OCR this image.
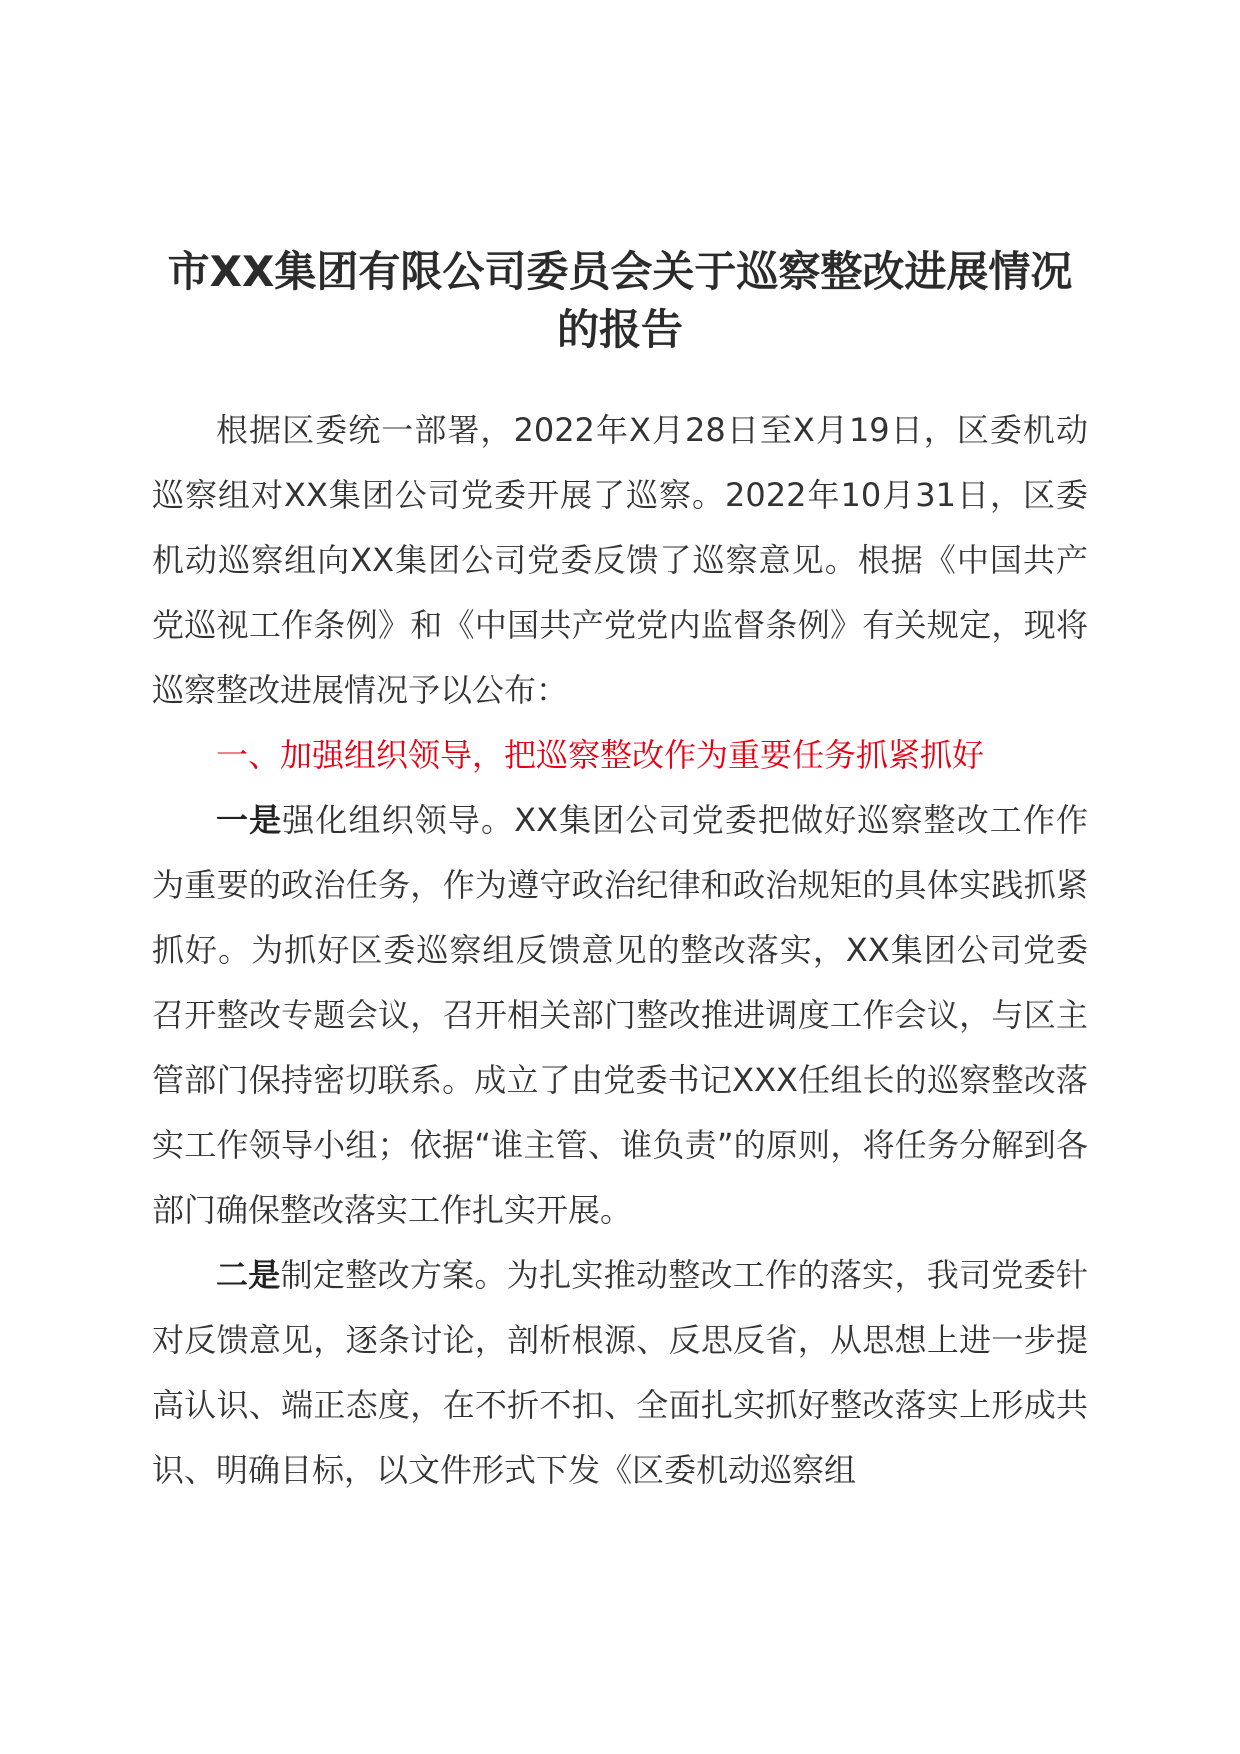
市XX集团有限公司委员会关于巡察整改进展情况的报告

根据区委统一部署，2022年X月28日至X月19日，区委机动巡察组对XX集团公司党委开展了巡察。2022年10月31日，区委机动巡察组向XX集团公司党委反馈了巡察意见。根据《中国共产党巡视工作条例》和《中国共产党党内监督条例》有关规定，现将巡察整改进展情况予以公布：

一、加强组织领导，把巡察整改作为重要任务抓紧抓好

一是强化组织领导。XX集团公司党委把做好巡察整改工作作为重要的政治任务，作为遵守政治纪律和政治规矩的具体实践抓紧抓好。为抓好区委巡察组反馈意见的整改落实，XX集团公司党委召开整改专题会议，召开相关部门整改推进调度工作会议，与区主管部门保持密切联系。成立了由党委书记XXX任组长的巡察整改落实工作领导小组；依据“谁主管、谁负责”的原则，将任务分解到各部门确保整改落实工作扎实开展。

二是制定整改方案。为扎实推动整改工作的落实，我司党委针对反馈意见，逐条讨论，剖析根源、反思反省，从思想上进一步提高认识、端正态度，在不折不扣、全面扎实抓好整改落实上形成共识、明确目标，以文件形式下发《区委机动巡察组
